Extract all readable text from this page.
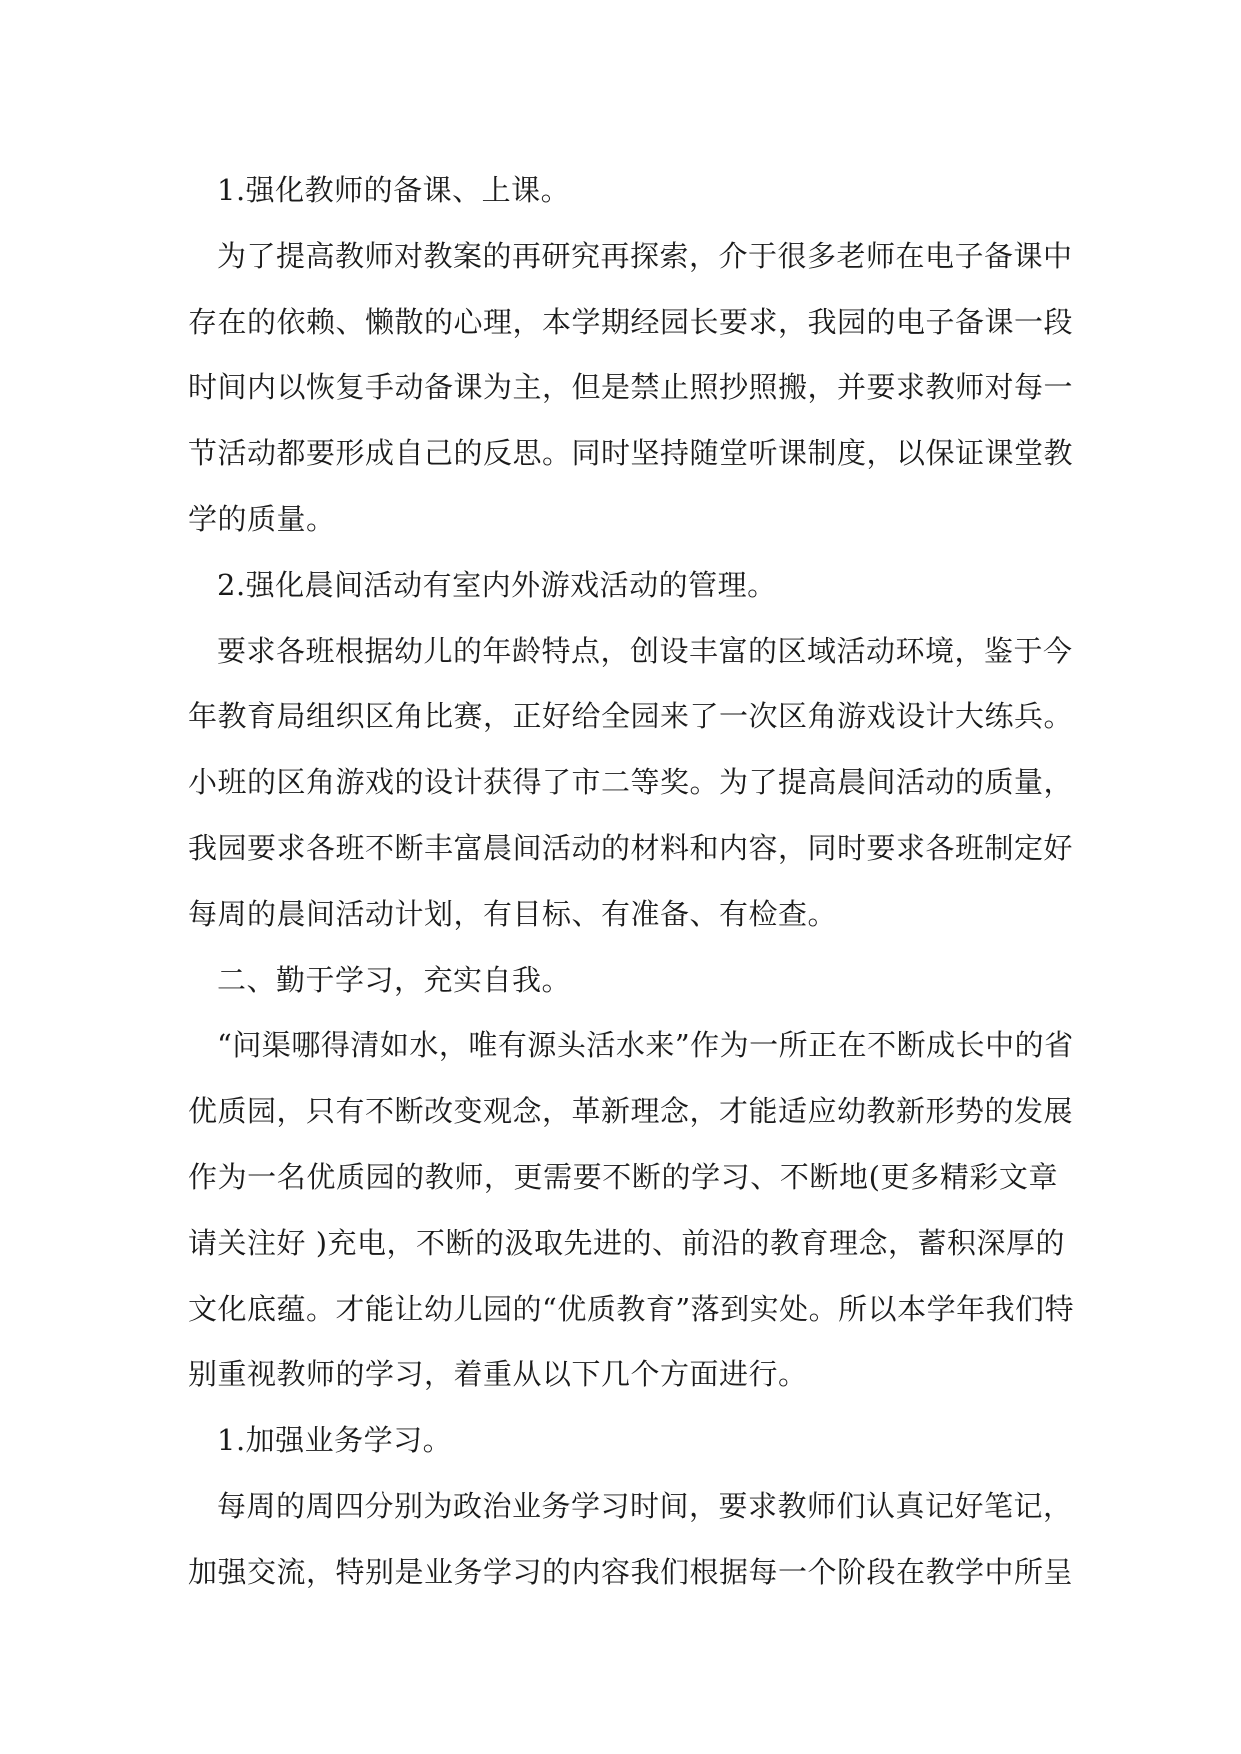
1.强化教师的备课、上课。
为了提高教师对教案的再研究再探索，介于很多老师在电子备课中
存在的依赖、懒散的心理，本学期经园长要求，我园的电子备课一段
时间内以恢复手动备课为主，但是禁止照抄照搬，并要求教师对每一
节活动都要形成自己的反思。同时坚持随堂听课制度，以保证课堂教
学的质量。
2.强化晨间活动有室内外游戏活动的管理。
要求各班根据幼儿的年龄特点，创设丰富的区域活动环境，鉴于今
年教育局组织区角比赛，正好给全园来了一次区角游戏设计大练兵。
小班的区角游戏的设计获得了市二等奖。为了提高晨间活动的质量，
我园要求各班不断丰富晨间活动的材料和内容，同时要求各班制定好
每周的晨间活动计划，有目标、有准备、有检查。
二、勤于学习，充实自我。
“问渠哪得清如水，唯有源头活水来”作为一所正在不断成长中的省
优质园，只有不断改变观念，革新理念，才能适应幼教新形势的发展
作为一名优质园的教师，更需要不断的学习、不断地(更多精彩文章
请关注好 )充电，不断的汲取先进的、前沿的教育理念，蓄积深厚的
文化底蕴。才能让幼儿园的“优质教育”落到实处。所以本学年我们特
别重视教师的学习，着重从以下几个方面进行。
1.加强业务学习。
每周的周四分别为政治业务学习时间，要求教师们认真记好笔记，
加强交流，特别是业务学习的内容我们根据每一个阶段在教学中所呈
